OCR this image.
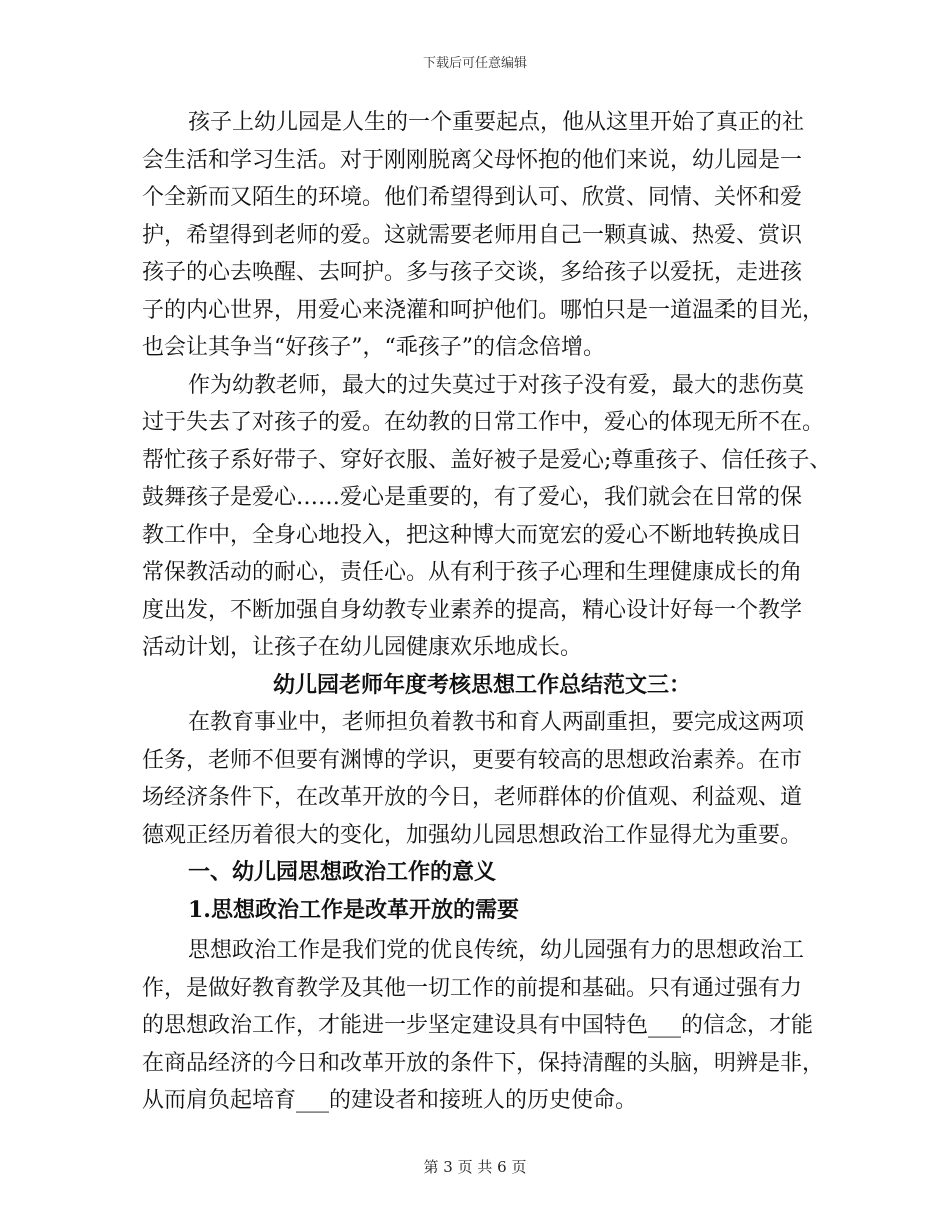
下载后可任意编辑
孩子上幼儿园是人生的一个重要起点，他从这里开始了真正的社
会生活和学习生活。对于刚刚脱离父母怀抱的他们来说，幼儿园是一
个全新而又陌生的环境。他们希望得到认可、欣赏、同情、关怀和爱
护，希望得到老师的爱。这就需要老师用自己一颗真诚、热爱、赏识
孩子的心去唤醒、去呵护。多与孩子交谈，多给孩子以爱抚，走进孩
子的内心世界，用爱心来浇灌和呵护他们。哪怕只是一道温柔的目光，
也会让其争当“好孩子”，“乖孩子”的信念倍增。
作为幼教老师，最大的过失莫过于对孩子没有爱，最大的悲伤莫
过于失去了对孩子的爱。在幼教的日常工作中，爱心的体现无所不在。
帮忙孩子系好带子、穿好衣服、盖好被子是爱心;尊重孩子、信任孩子、
鼓舞孩子是爱心……爱心是重要的，有了爱心，我们就会在日常的保
教工作中，全身心地投入，把这种博大而宽宏的爱心不断地转换成日
常保教活动的耐心，责任心。从有利于孩子心理和生理健康成长的角
度出发，不断加强自身幼教专业素养的提高，精心设计好每一个教学
活动计划，让孩子在幼儿园健康欢乐地成长。
幼儿园老师年度考核思想工作总结范文三：
在教育事业中，老师担负着教书和育人两副重担，要完成这两项
任务，老师不但要有渊博的学识，更要有较高的思想政治素养。在市
场经济条件下，在改革开放的今日，老师群体的价值观、利益观、道
德观正经历着很大的变化，加强幼儿园思想政治工作显得尤为重要。
一、幼儿园思想政治工作的意义
1.思想政治工作是改革开放的需要
思想政治工作是我们党的优良传统，幼儿园强有力的思想政治工
作，是做好教育教学及其他一切工作的前提和基础。只有通过强有力
的思想政治工作，才能进一步坚定建设具有中国特色___的信念，才能
在商品经济的今日和改革开放的条件下，保持清醒的头脑，明辨是非，
从而肩负起培育___的建设者和接班人的历史使命。
第 3 页 共 6 页
